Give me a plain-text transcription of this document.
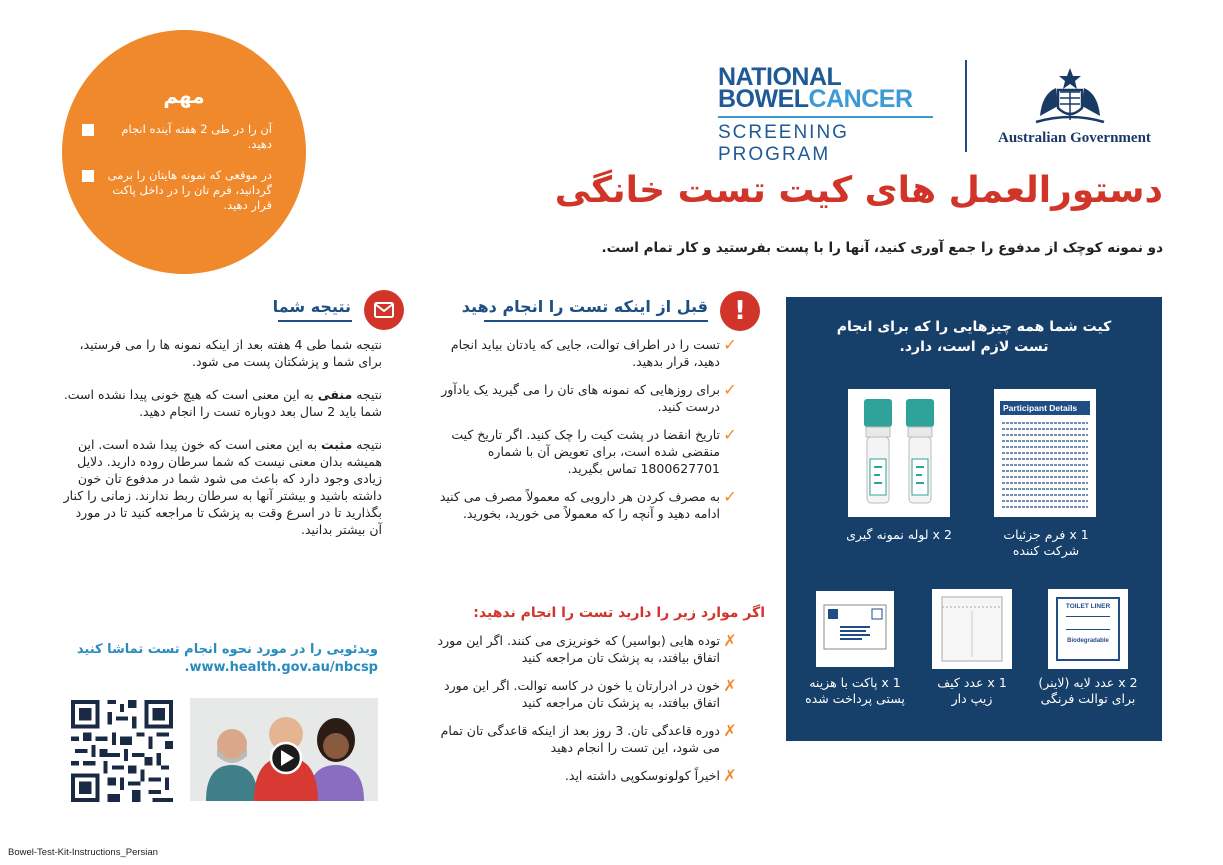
مهم
آن را در طی 2 هفته آینده انجام دهید.
در موقعی که نمونه هایتان را برمی گردانید، فرم تان را در داخل پاکت قرار دهید.
NATIONAL
BOWELCANCER
SCREENING PROGRAM
Australian Government
دستورالعمل های کیت تست خانگی
دو نمونه کوچک از مدفوع را جمع آوری کنید، آنها را با پست بفرستید و کار تمام است.
کیت شما همه چیزهایی را که برای انجام تست لازم است، دارد.
2 x لوله نمونه گیری
Participant Details
1 x فرم جزئیات شرکت کننده
1 x پاکت با هزینه پستی پرداخت شده
1 x عدد کیف زیپ دار
TOILET LINER
Biodegradable
2 x عدد لایه (لاینر) برای توالت فرنگی
!
قبل از اینکه تست را انجام دهید
✓
تست را در اطراف توالت، جایی که یادتان بیاید انجام دهید، قرار بدهید.
✓
برای روزهایی که نمونه های تان را می گیرید یک یادآور درست کنید.
✓
تاریخ انقضا در پشت کیت را چک کنید. اگر تاریخ کیت منقضی شده است، برای تعویض آن با شماره 1800627701 تماس بگیرید.
✓
به مصرف کردن هر دارویی که معمولاً مصرف می کنید ادامه دهید و آنچه را که معمولاً می خورید، بخورید.
اگر موارد زیر را دارید تست را انجام ندهید:
✗
توده هایی (بواسیر) که خونریزی می کنند. اگر این مورد اتفاق بیافتد، به پزشک تان مراجعه کنید
✗
خون در ادرارتان یا خون در کاسه توالت. اگر این مورد اتفاق بیافتد، به پزشک تان مراجعه کنید
✗
دوره قاعدگی تان. 3 روز بعد از اینکه قاعدگی تان تمام می شود، این تست را انجام دهید
✗
اخیراً کولونوسکوپی داشته اید.
نتیجه شما
نتیجه شما طی 4 هفته بعد از اینکه نمونه ها را می فرستید، برای شما و پزشکتان پست می شود.
نتیجه منفی به این معنی است که هیچ خونی پیدا نشده است. شما باید 2 سال بعد دوباره تست را انجام دهید.
نتیجه مثبت به این معنی است که خون پیدا شده است. این همیشه بدان معنی نیست که شما سرطان روده دارید. دلایل زیادی وجود دارد که باعث می شود شما در مدفوع تان خون داشته باشید و بیشتر آنها به سرطان ربط ندارند. زمانی را کنار بگذارید تا در اسرع وقت به پزشک تا مراجعه کنید تا در مورد آن بیشتر بدانید.
ویدئویی را در مورد نحوه انجام تست تماشا کنید
.www.health.gov.au/nbcsp
Bowel-Test-Kit-Instructions_Persian
